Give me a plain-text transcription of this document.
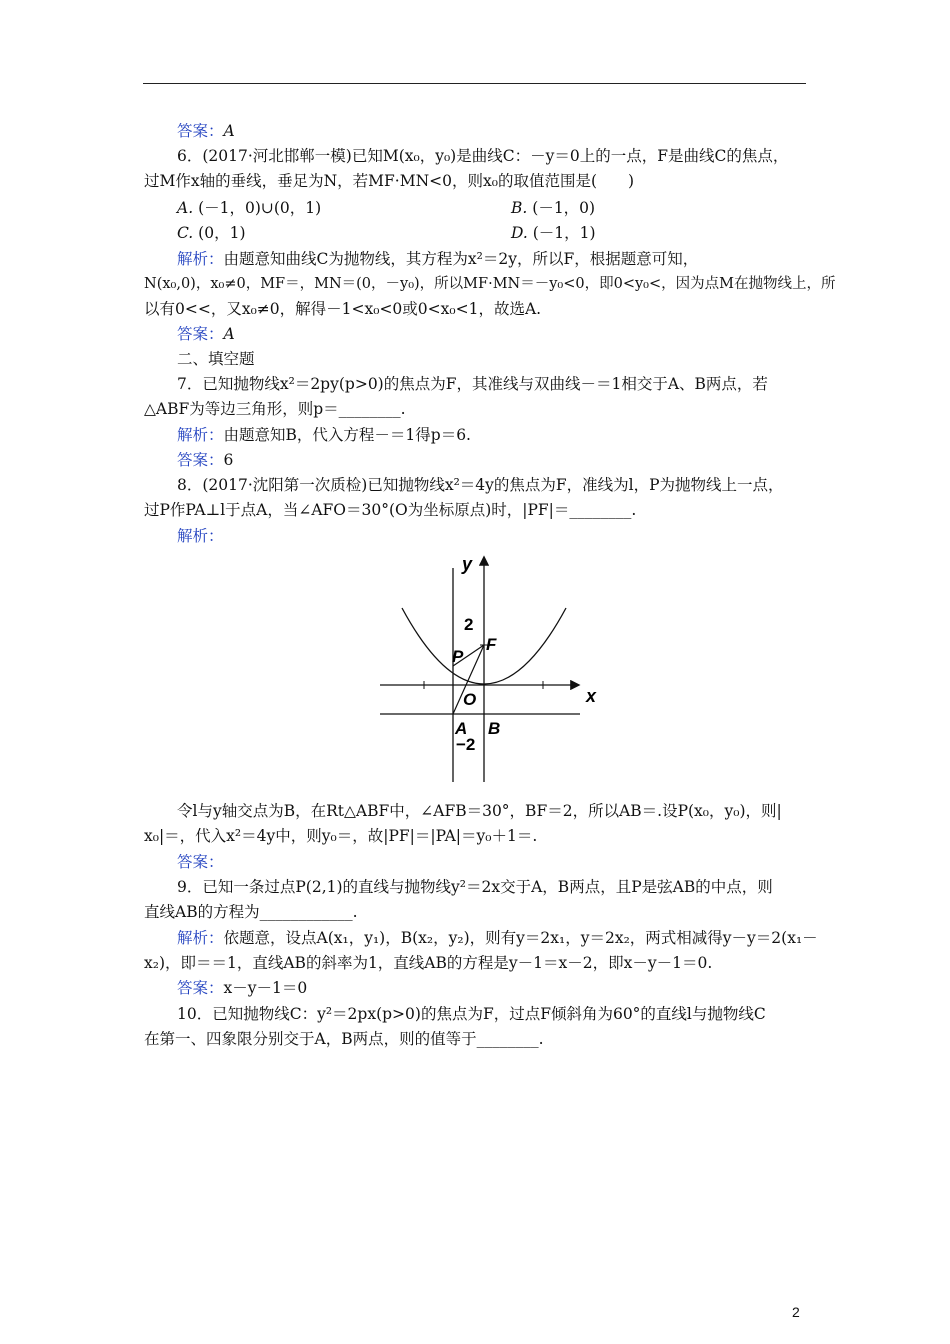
答案：A
6．(2017·河北邯郸一模)已知M(x₀，y₀)是曲线C：－y＝0上的一点，F是曲线C的焦点，
过M作x轴的垂线，垂足为N，若MF·MN<0，则x₀的取值范围是(　　)
A. (－1，0)∪(0，1)	B. (－1，0)
C. (0，1)	D. (－1，1)
解析：由题意知曲线C为抛物线，其方程为x²＝2y，所以F，根据题意可知，
N(x₀,0)，x₀≠0，MF＝，MN＝(0，－y₀)，所以MF·MN＝－y₀<0，即0<y₀<，因为点M在抛物线上，所
以有0<<，又x₀≠0，解得－1<x₀<0或0<x₀<1，故选A.
答案：A
二、填空题
7．已知抛物线x²＝2py(p>0)的焦点为F，其准线与双曲线－＝1相交于A、B两点，若
△ABF为等边三角形，则p＝________.
解析：由题意知B，代入方程－＝1得p＝6.
答案：6
8．(2017·沈阳第一次质检)已知抛物线x²＝4y的焦点为F，准线为l，P为抛物线上一点，
过P作PA⊥l于点A，当∠AFO＝30°(O为坐标原点)时，|PF|＝________.
解析：
y
x
2
−2
P
F
O
A B
令l与y轴交点为B，在Rt△ABF中，∠AFB＝30°，BF＝2，所以AB＝.设P(x₀，y₀)，则|
x₀|＝，代入x²＝4y中，则y₀＝，故|PF|＝|PA|＝y₀＋1＝.
答案：
9．已知一条过点P(2,1)的直线与抛物线y²＝2x交于A，B两点，且P是弦AB的中点，则
直线AB的方程为____________.
解析：依题意，设点A(x₁，y₁)，B(x₂，y₂)，则有y＝2x₁，y＝2x₂，两式相减得y－y＝2(x₁－
x₂)，即＝＝1，直线AB的斜率为1，直线AB的方程是y－1＝x－2，即x－y－1＝0.
答案：x－y－1＝0
10．已知抛物线C：y²＝2px(p>0)的焦点为F，过点F倾斜角为60°的直线l与抛物线C
在第一、四象限分别交于A，B两点，则的值等于________.
2
